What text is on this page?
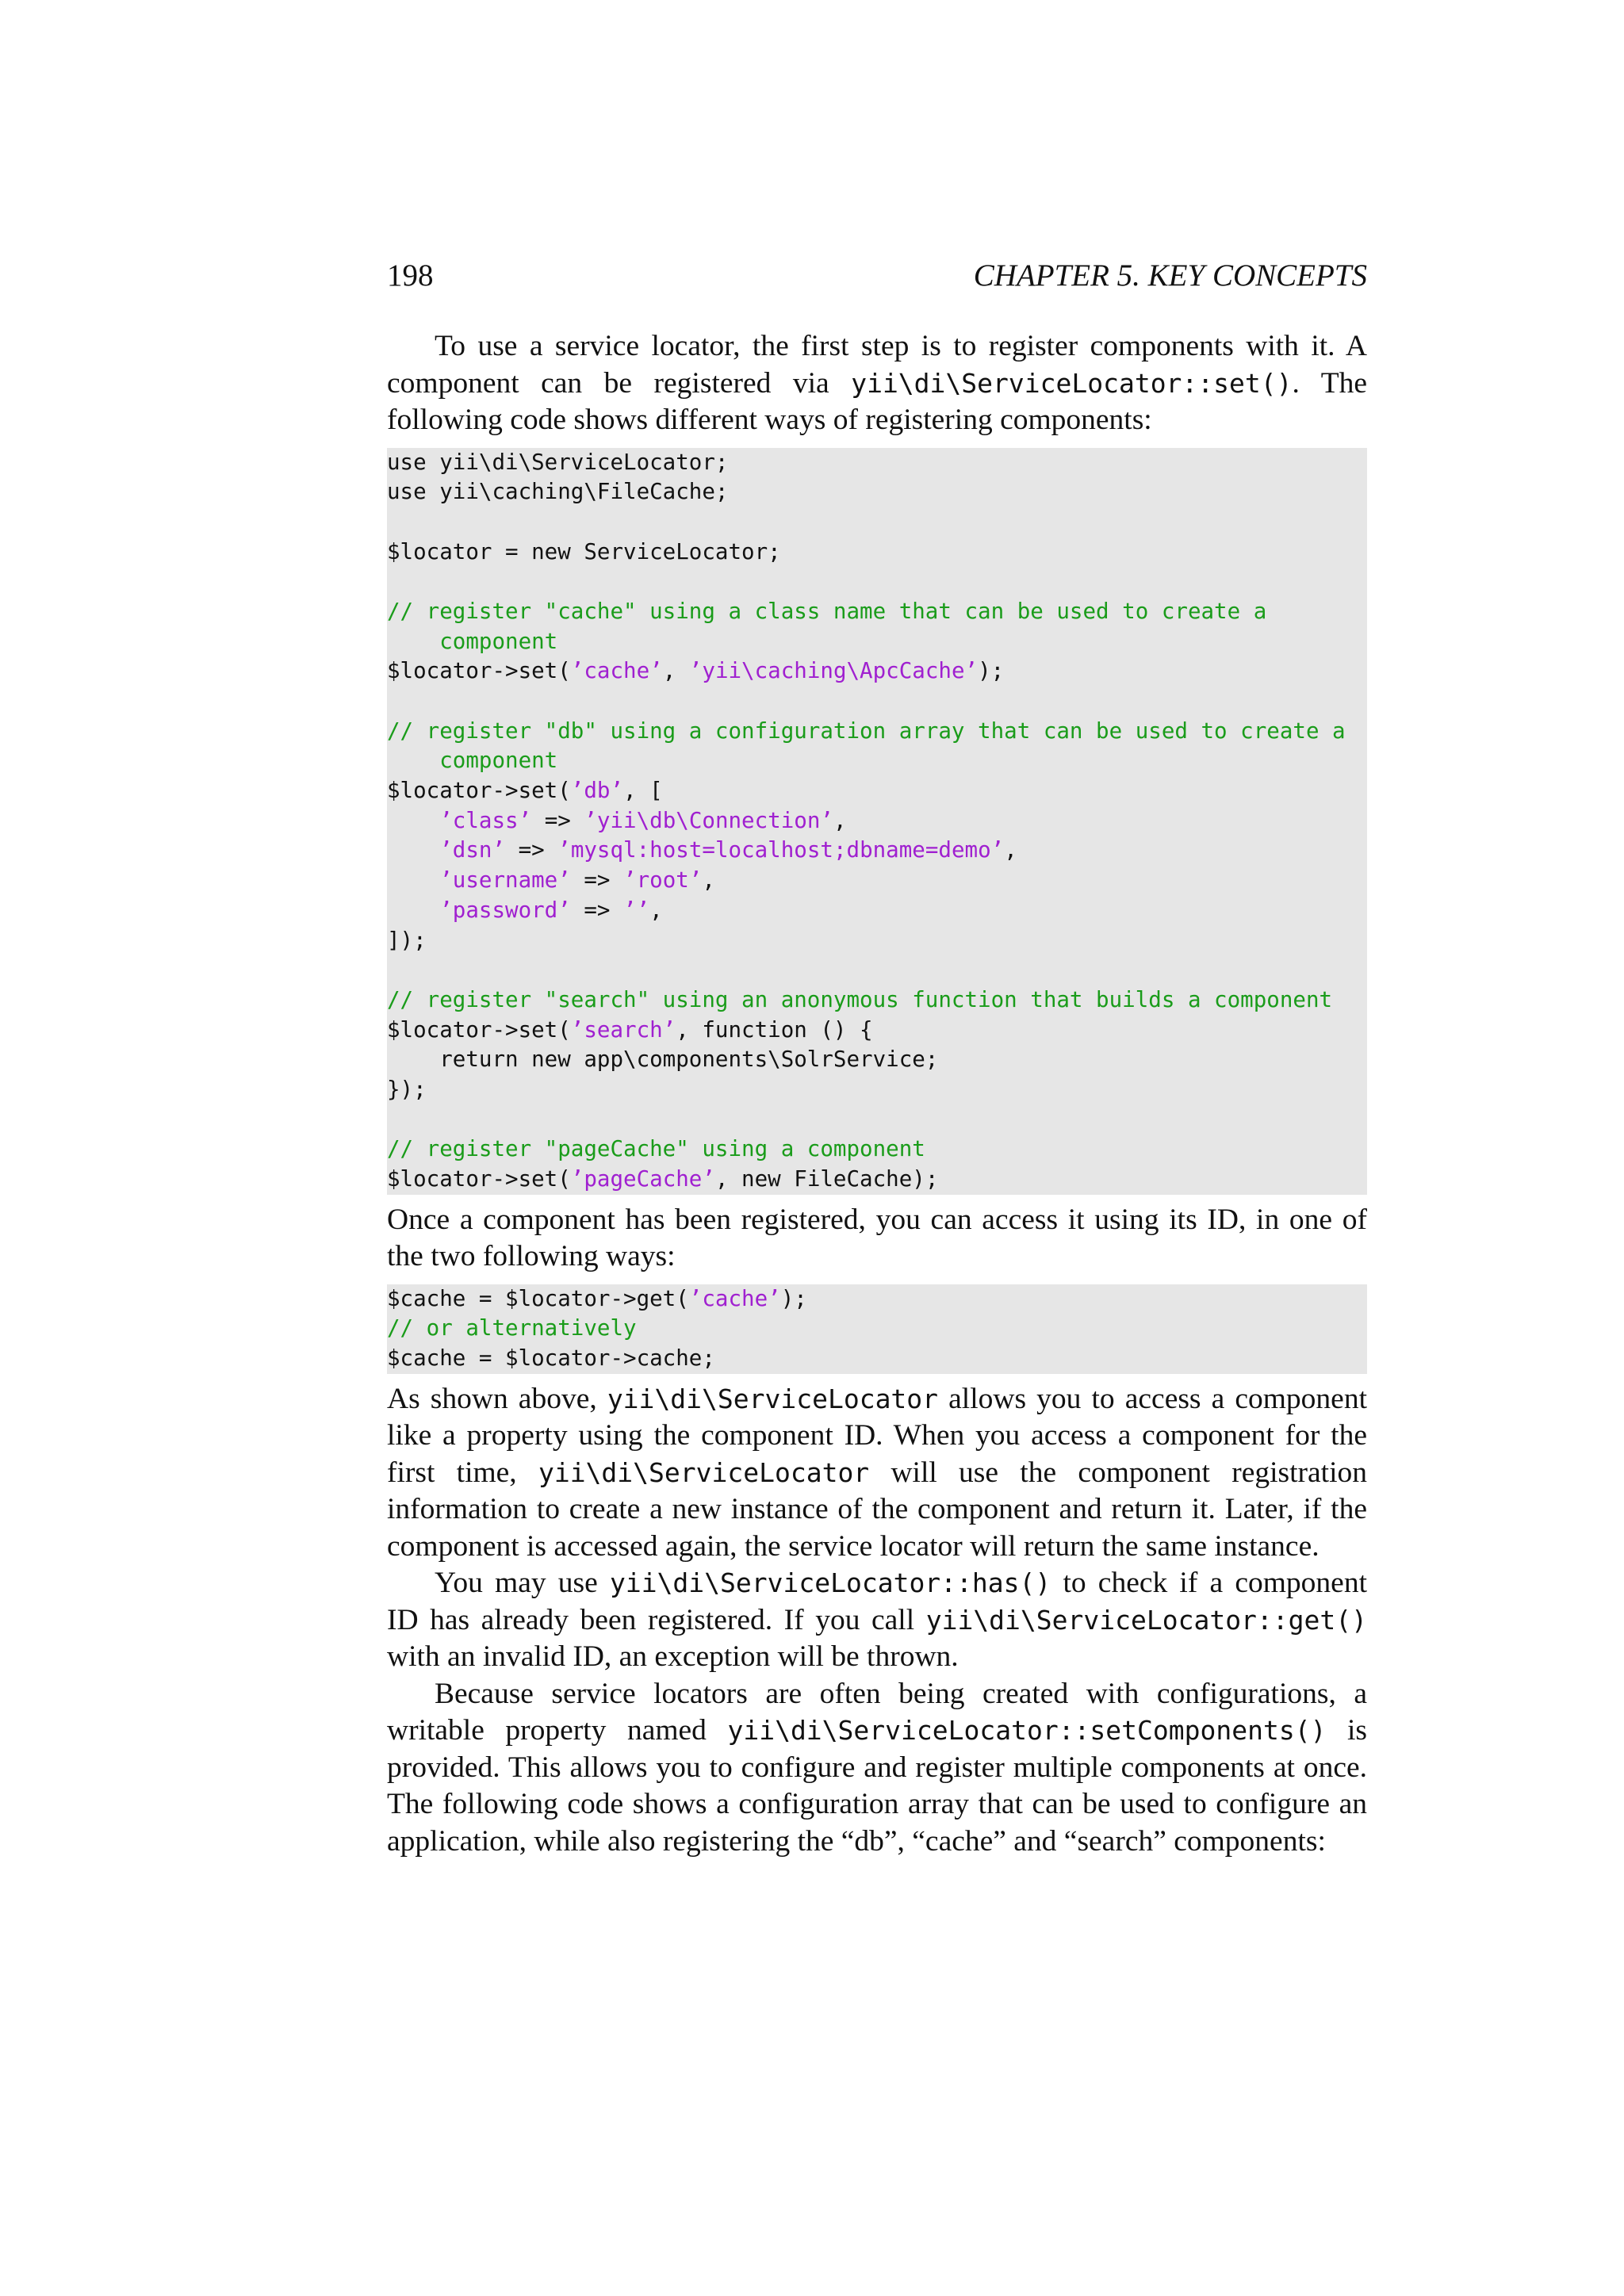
198	CHAPTER 5. KEY CONCEPTS

To use a service locator, the first step is to register components with it. A component can be registered via yii\di\ServiceLocator::set(). The following code shows different ways of registering components:

use yii\di\ServiceLocator;
use yii\caching\FileCache;

$locator = new ServiceLocator;

// register "cache" using a class name that can be used to create a
component
$locator->set(’cache’, ’yii\caching\ApcCache’);

// register "db" using a configuration array that can be used to create a
component
$locator->set(’db’, [
’class’ => ’yii\db\Connection’,
’dsn’ => ’mysql:host=localhost;dbname=demo’,
’username’ => ’root’,
’password’ => ’’,
]);

// register "search" using an anonymous function that builds a component
$locator->set(’search’, function () {
return new app\components\SolrService;
});

// register "pageCache" using a component
$locator->set(’pageCache’, new FileCache);

Once a component has been registered, you can access it using its ID, in one of the two following ways:

$cache = $locator->get(’cache’);
// or alternatively
$cache = $locator->cache;

As shown above, yii\di\ServiceLocator allows you to access a component like a property using the component ID. When you access a component for the first time, yii\di\ServiceLocator will use the component registration information to create a new instance of the component and return it. Later, if the component is accessed again, the service locator will return the same instance.

You may use yii\di\ServiceLocator::has() to check if a component ID has already been registered. If you call yii\di\ServiceLocator::get() with an invalid ID, an exception will be thrown.

Because service locators are often being created with configurations, a writable property named yii\di\ServiceLocator::setComponents() is provided. This allows you to configure and register multiple components at once. The following code shows a configuration array that can be used to configure an application, while also registering the “db”, “cache” and “search” components:
